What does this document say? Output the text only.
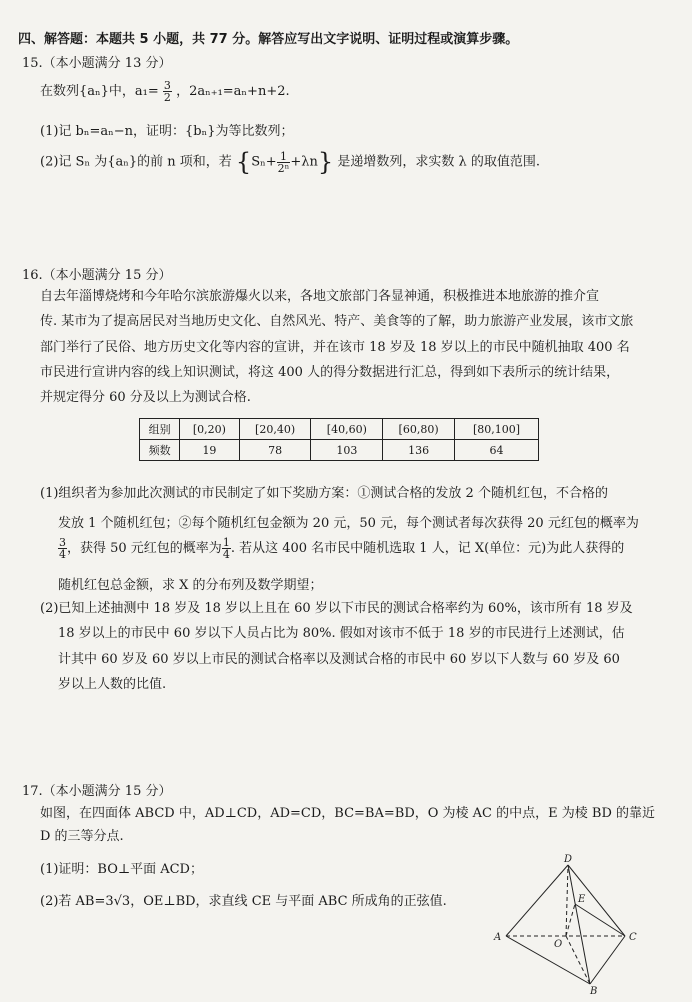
四、解答题：本题共 5 小题，共 77 分。解答应写出文字说明、证明过程或演算步骤。
15.（本小题满分 13 分）
在数列{aₙ}中，$a_1= \frac{3}{2}$ ，2aₙ₊₁=aₙ+n+2.
(1)记 bₙ=aₙ−n，证明：{bₙ}为等比数列；
(2)记 Sₙ 为{aₙ}的前 n 项和，若 $\{S_n+ \frac{1}{\text{2ⁿ}} +\lambda n\}$ 是递增数列，求实数 λ 的取值范围.
16.（本小题满分 15 分）
自去年淄博烧烤和今年哈尔滨旅游爆火以来，各地文旅部门各显神通，积极推进本地旅游的推介宣
传. 某市为了提高居民对当地历史文化、自然风光、特产、美食等的了解，助力旅游产业发展，该市文旅
部门举行了民俗、地方历史文化等内容的宣讲，并在该市 18 岁及 18 岁以上的市民中随机抽取 400 名
市民进行宣讲内容的线上知识测试，将这 400 人的得分数据进行汇总，得到如下表所示的统计结果，
并规定得分 60 分及以上为测试合格.
组别	[0,20)	[20,40)	[40,60)	[60,80)	[80,100]
频数	19	78	103	136	64
(1)组织者为参加此次测试的市民制定了如下奖励方案：①测试合格的发放 2 个随机红包，不合格的
发放 1 个随机红包；②每个随机红包金额为 20 元，50 元，每个测试者每次获得 20 元红包的概率为
$\frac{3}{4}$ ，获得 50 元红包的概率为 $\frac{1}{4}$ . 若从这 400 名市民中随机选取 1 人，记 X(单位：元)为此人获得的
随机红包总金额，求 X 的分布列及数学期望；
(2)已知上述抽测中 18 岁及 18 岁以上且在 60 岁以下市民的测试合格率约为 60%，该市所有 18 岁及
18 岁以上的市民中 60 岁以下人员占比为 80%. 假如对该市不低于 18 岁的市民进行上述测试，估
计其中 60 岁及 60 岁以上市民的测试合格率以及测试合格的市民中 60 岁以下人数与 60 岁及 60
岁以上人数的比值.
17.（本小题满分 15 分）
如图，在四面体 ABCD 中，AD⊥CD，AD=CD，BC=BA=BD，O 为棱 AC 的中点，E 为棱 BD 的靠近
D 的三等分点.
(1)证明：BO⊥平面 ACD；
(2)若 AB=3√3，OE⊥BD，求直线 CE 与平面 ABC 所成角的正弦值.
D
E
A
O
C
B
